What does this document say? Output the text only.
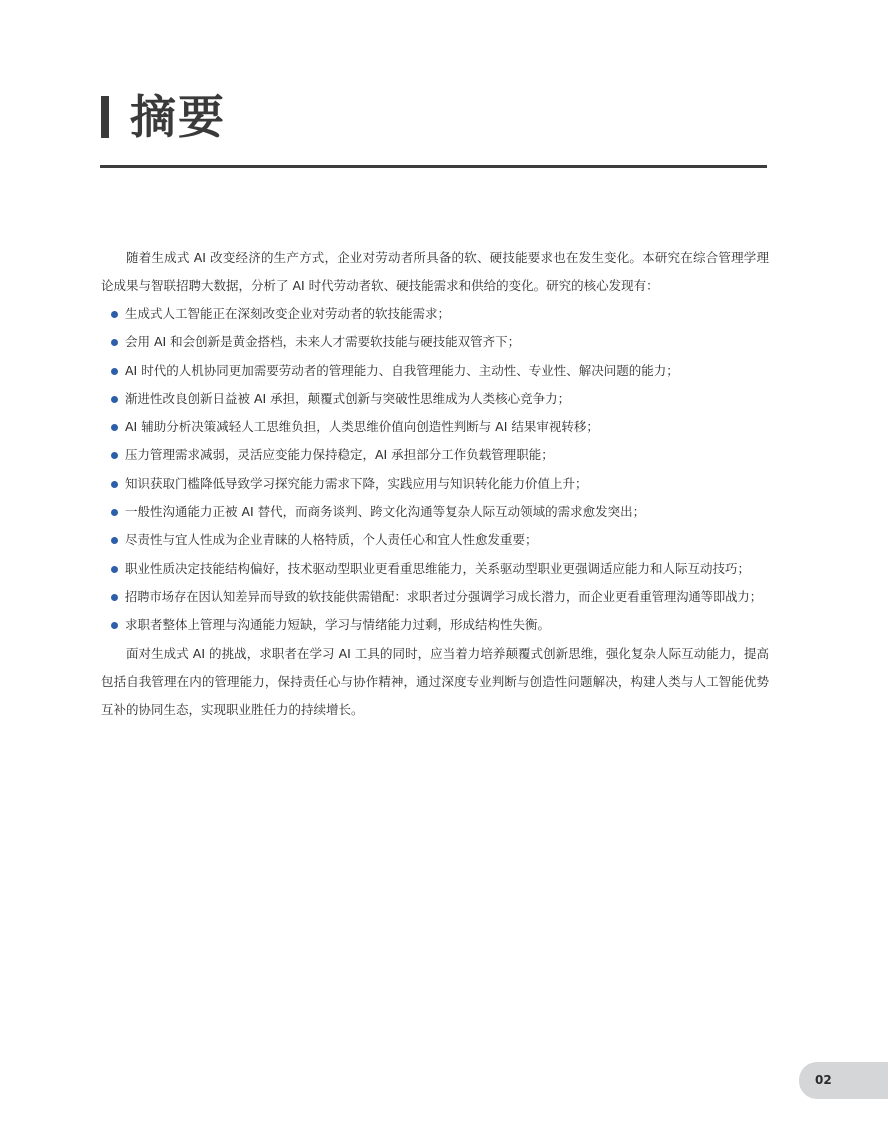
摘要

随着生成式 AI 改变经济的生产方式，企业对劳动者所具备的软、硬技能要求也在发生变化。本研究在综合管理学理论成果与智联招聘大数据，分析了 AI 时代劳动者软、硬技能需求和供给的变化。研究的核心发现有：

生成式人工智能正在深刻改变企业对劳动者的软技能需求；
会用 AI 和会创新是黄金搭档，未来人才需要软技能与硬技能双管齐下；
AI 时代的人机协同更加需要劳动者的管理能力、自我管理能力、主动性、专业性、解决问题的能力；
渐进性改良创新日益被 AI 承担，颠覆式创新与突破性思维成为人类核心竞争力；
AI 辅助分析决策减轻人工思维负担，人类思维价值向创造性判断与 AI 结果审视转移；
压力管理需求减弱，灵活应变能力保持稳定，AI 承担部分工作负载管理职能；
知识获取门槛降低导致学习探究能力需求下降，实践应用与知识转化能力价值上升；
一般性沟通能力正被 AI 替代，而商务谈判、跨文化沟通等复杂人际互动领域的需求愈发突出；
尽责性与宜人性成为企业青睐的人格特质，个人责任心和宜人性愈发重要；
职业性质决定技能结构偏好，技术驱动型职业更看重思维能力，关系驱动型职业更强调适应能力和人际互动技巧；
招聘市场存在因认知差异而导致的软技能供需错配：求职者过分强调学习成长潜力，而企业更看重管理沟通等即战力；
求职者整体上管理与沟通能力短缺，学习与情绪能力过剩，形成结构性失衡。

面对生成式 AI 的挑战，求职者在学习 AI 工具的同时，应当着力培养颠覆式创新思维，强化复杂人际互动能力，提高包括自我管理在内的管理能力，保持责任心与协作精神，通过深度专业判断与创造性问题解决，构建人类与人工智能优势互补的协同生态，实现职业胜任力的持续增长。

02
